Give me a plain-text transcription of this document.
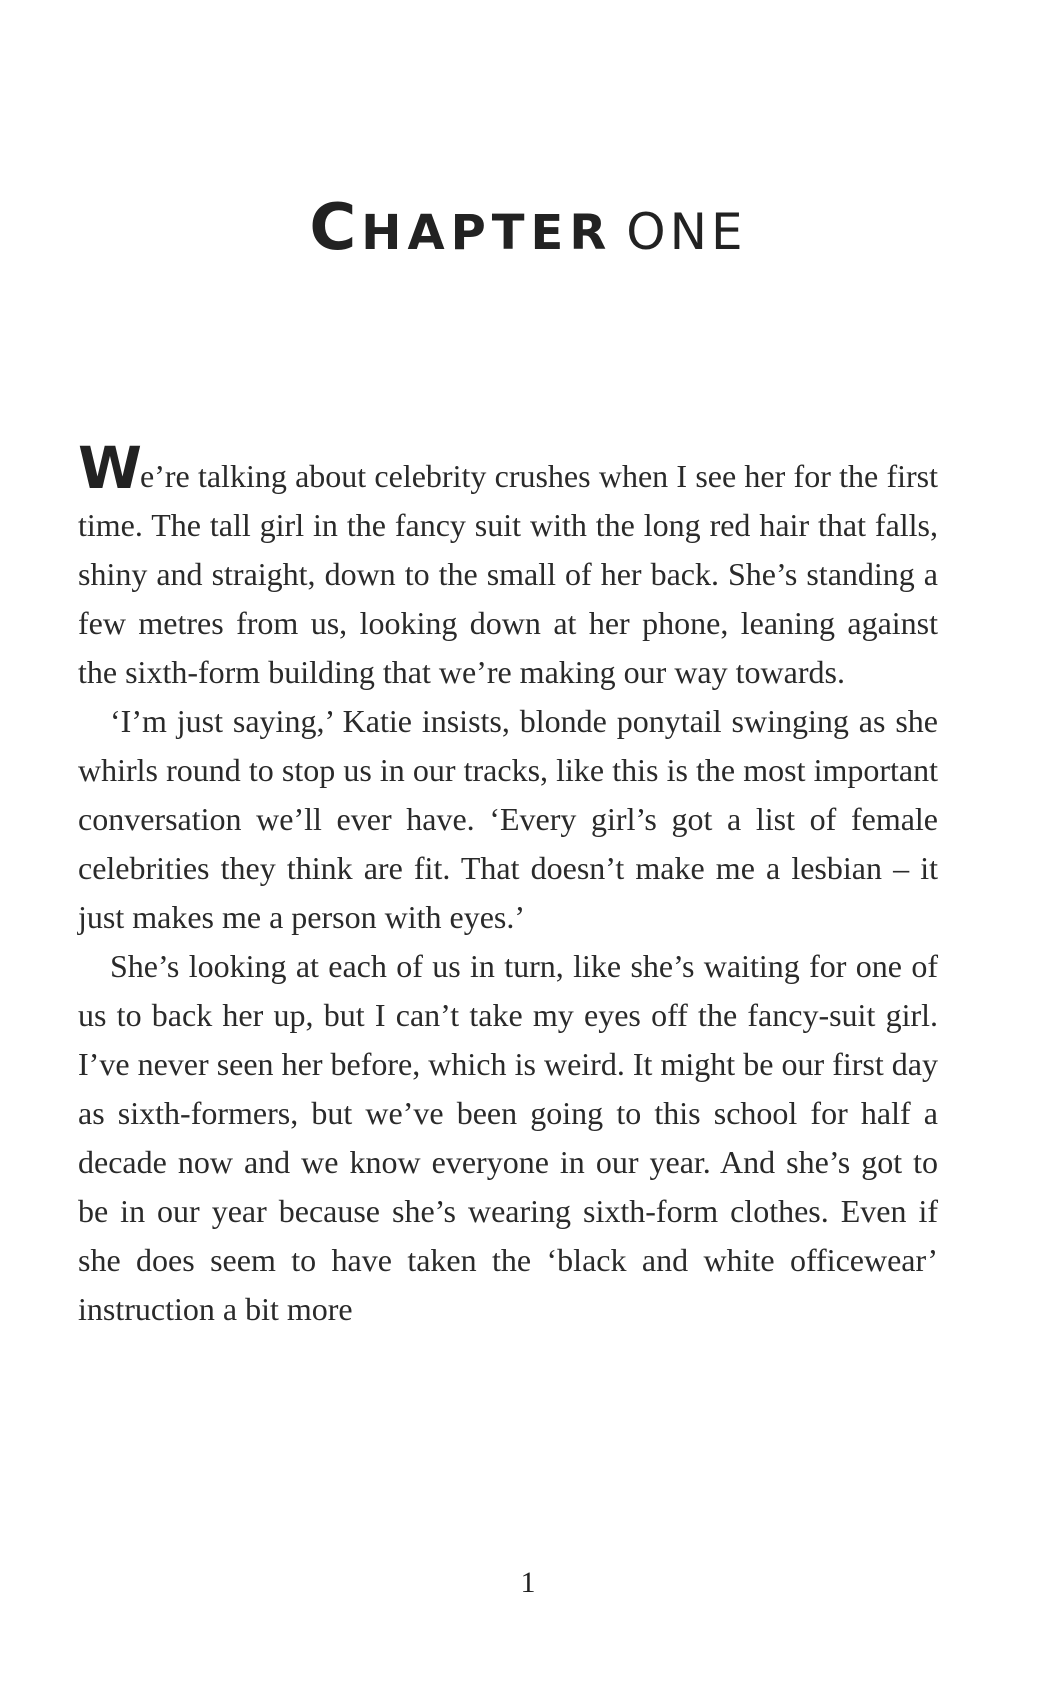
CHAPTER ONE

We’re talking about celebrity crushes when I see her for the first time. The tall girl in the fancy suit with the long red hair that falls, shiny and straight, down to the small of her back. She’s standing a few metres from us, looking down at her phone, leaning against the sixth-form building that we’re making our way towards.

‘I’m just saying,’ Katie insists, blonde ponytail swinging as she whirls round to stop us in our tracks, like this is the most important conversation we’ll ever have. ‘Every girl’s got a list of female celebrities they think are fit. That doesn’t make me a lesbian – it just makes me a person with eyes.’

She’s looking at each of us in turn, like she’s waiting for one of us to back her up, but I can’t take my eyes off the fancy-suit girl. I’ve never seen her before, which is weird. It might be our first day as sixth-formers, but we’ve been going to this school for half a decade now and we know everyone in our year. And she’s got to be in our year because she’s wearing sixth-form clothes. Even if she does seem to have taken the ‘black and white officewear’ instruction a bit more

1
